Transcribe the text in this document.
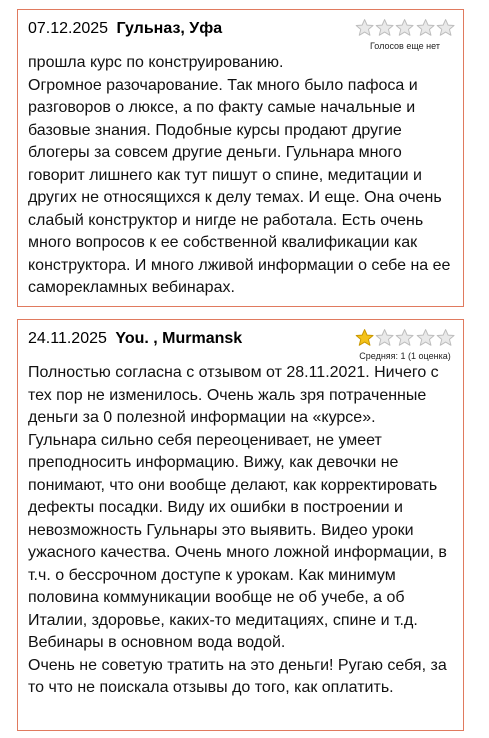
07.12.2025 Гульназ, Уфа
Голосов еще нет

прошла курс по конструированию.

Огромное разочарование. Так много было пафоса и разговоров о люксе, а по факту самые начальные и базовые знания. Подобные курсы продают другие блогеры за совсем другие деньги. Гульнара много говорит лишнего как тут пишут о спине, медитации и других не относящихся к делу темах. И еще. Она очень слабый конструктор и нигде не работала. Есть очень много вопросов к ее собственной квалификации как конструктора. И много лживой информации о себе на ее саморекламных вебинарах.

24.11.2025 You. , Murmansk
Средняя: 1 (1 оценка)

Полностью согласна с отзывом от 28.11.2021. Ничего с тех пор не изменилось. Очень жаль зря потраченные деньги за 0 полезной информации на «курсе».

Гульнара сильно себя переоценивает, не умеет преподносить информацию. Вижу, как девочки не понимают, что они вообще делают, как корректировать дефекты посадки. Виду их ошибки в построении и невозможность Гульнары это выявить. Видео уроки ужасного качества. Очень много ложной информации, в т.ч. о бессрочном доступе к урокам. Как минимум половина коммуникации вообще не об учебе, а об Италии, здоровье, каких-то медитациях, спине и т.д. Вебинары в основном вода водой.

Очень не советую тратить на это деньги! Ругаю себя, за то что не поискала отзывы до того, как оплатить.
